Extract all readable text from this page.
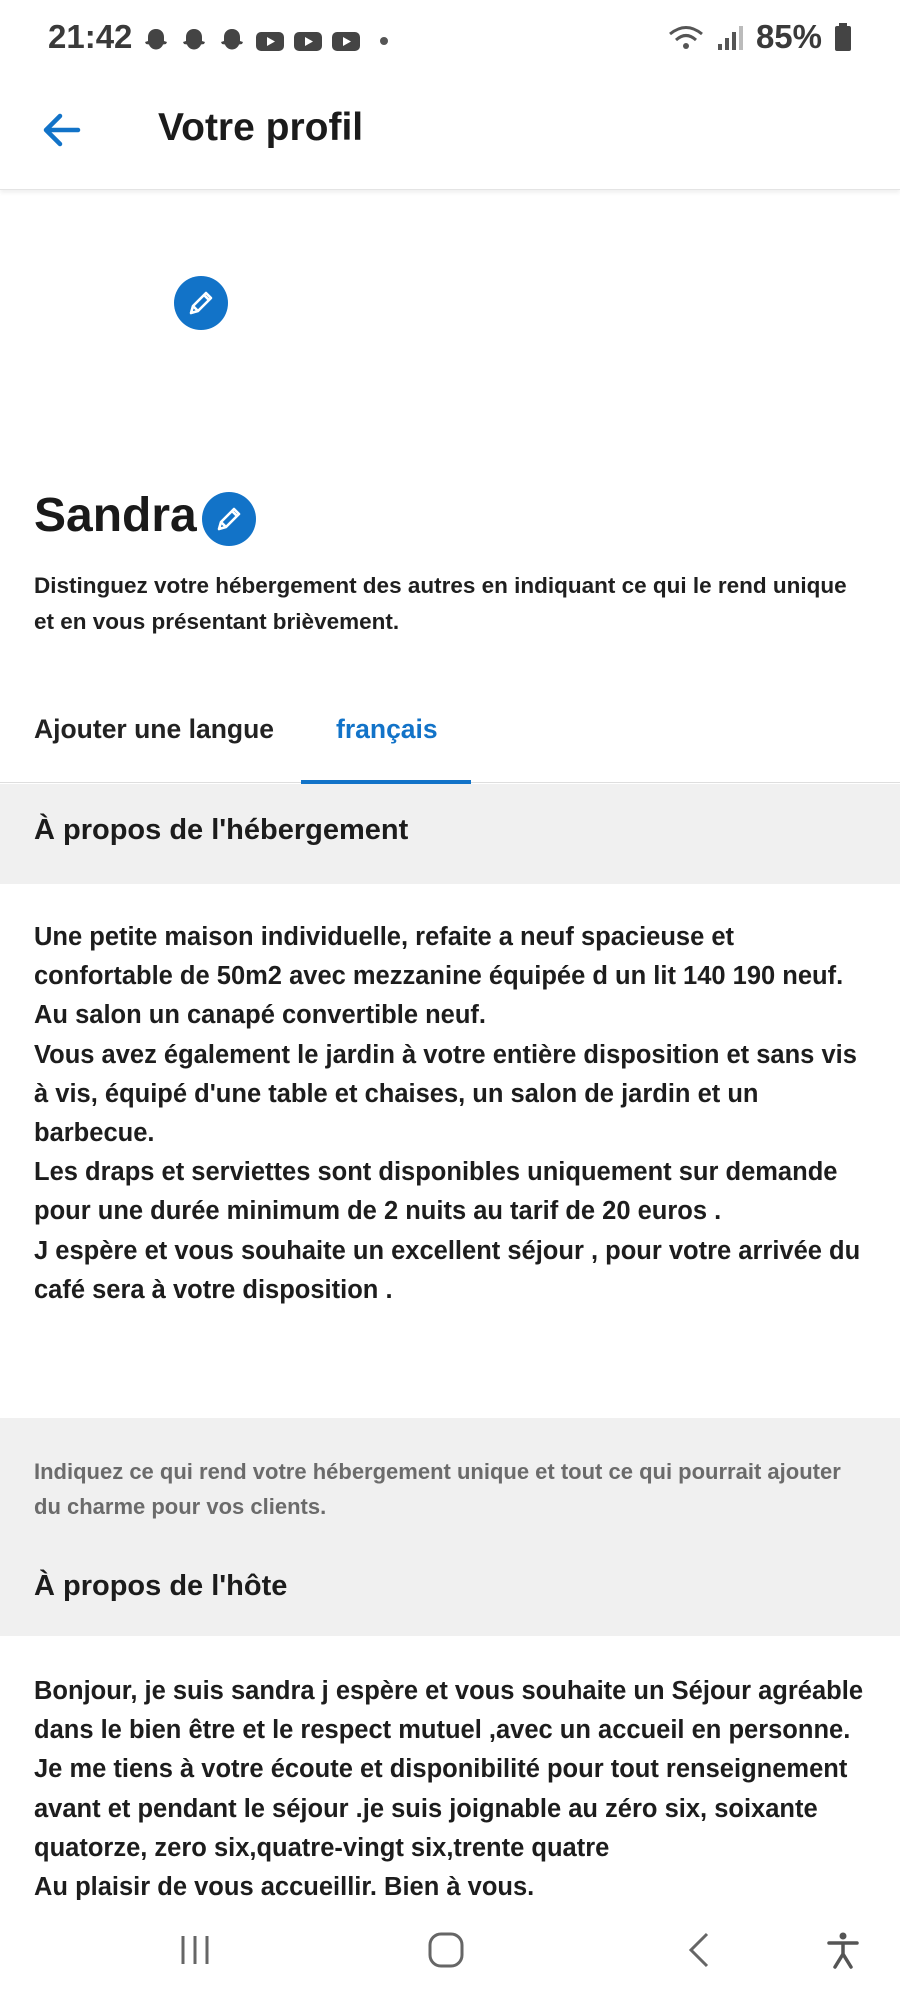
21:42	85%
Votre profil
Sandra

Distinguez votre hébergement des autres en indiquant ce qui le rend unique et en vous présentant brièvement.

Ajouter une langue français
À propos de l'hébergement

Une petite maison individuelle, refaite a neuf spacieuse et confortable de 50m2 avec mezzanine équipée d un lit 140 190 neuf.
Au salon un canapé convertible neuf.
Vous avez également le jardin à votre entière disposition et sans vis à vis, équipé d'une table et chaises, un salon de jardin et un barbecue.
Les draps et serviettes sont disponibles uniquement sur demande pour une durée minimum de 2 nuits au tarif de 20 euros .
J espère et vous souhaite un excellent séjour , pour votre arrivée du café sera à votre disposition .

Indiquez ce qui rend votre hébergement unique et tout ce qui pourrait ajouter du charme pour vos clients.
À propos de l'hôte

Bonjour, je suis sandra j espère et vous souhaite un Séjour agréable dans le bien être et le respect mutuel ,avec un accueil en personne. Je me tiens à votre écoute et disponibilité pour tout renseignement avant et pendant le séjour .je suis joignable au zéro six, soixante quatorze, zero six,quatre-vingt six,trente quatre
Au plaisir de vous accueillir. Bien à vous.
